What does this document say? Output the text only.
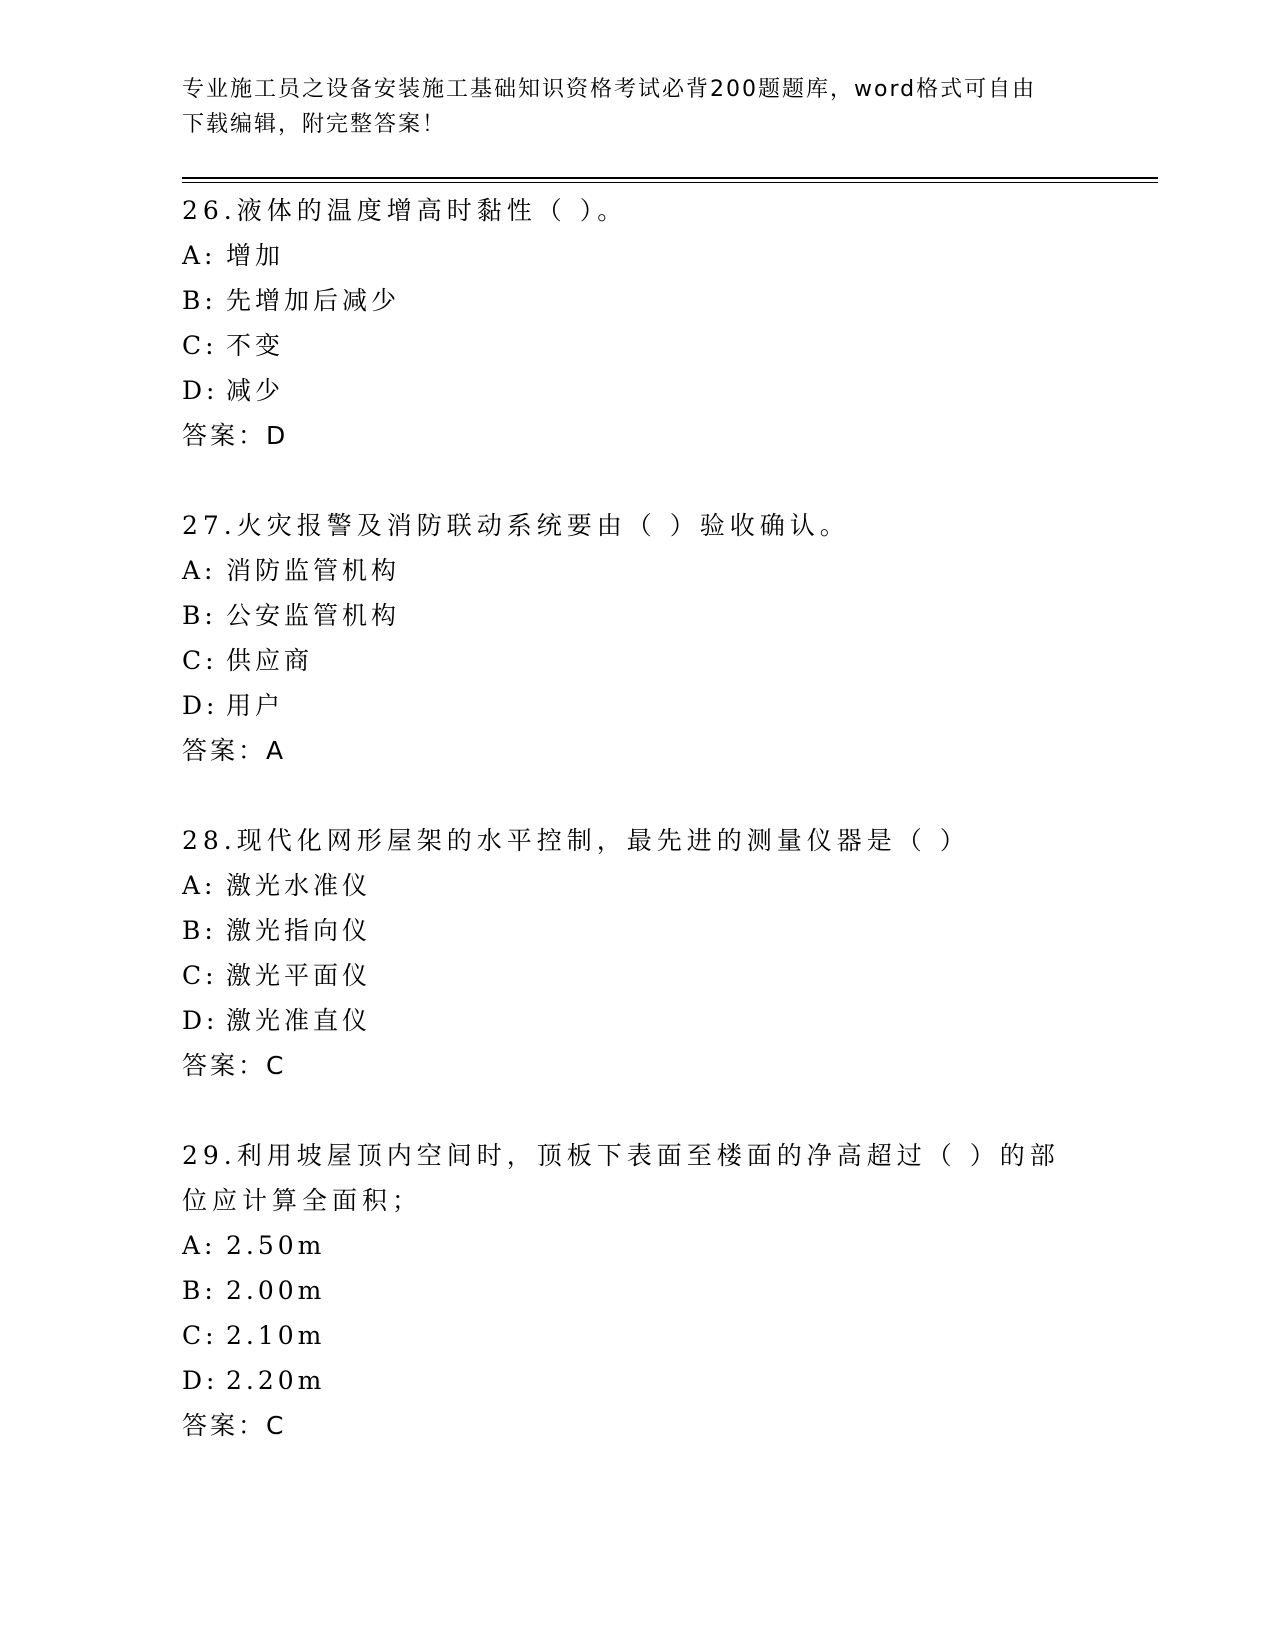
专业施工员之设备安装施工基础知识资格考试必背200题题库，word格式可自由
下载编辑，附完整答案！
26.液体的温度增高时黏性（ ）。
A: 增加
B: 先增加后减少
C: 不变
D: 减少
答案：D
27.火灾报警及消防联动系统要由（ ）验收确认。
A: 消防监管机构
B: 公安监管机构
C: 供应商
D: 用户
答案：A
28.现代化网形屋架的水平控制，最先进的测量仪器是（ ）
A: 激光水准仪
B: 激光指向仪
C: 激光平面仪
D: 激光准直仪
答案：C
29.利用坡屋顶内空间时，顶板下表面至楼面的净高超过（ ）的部位应计算全面积；
A: 2.50m
B: 2.00m
C: 2.10m
D: 2.20m
答案：C
